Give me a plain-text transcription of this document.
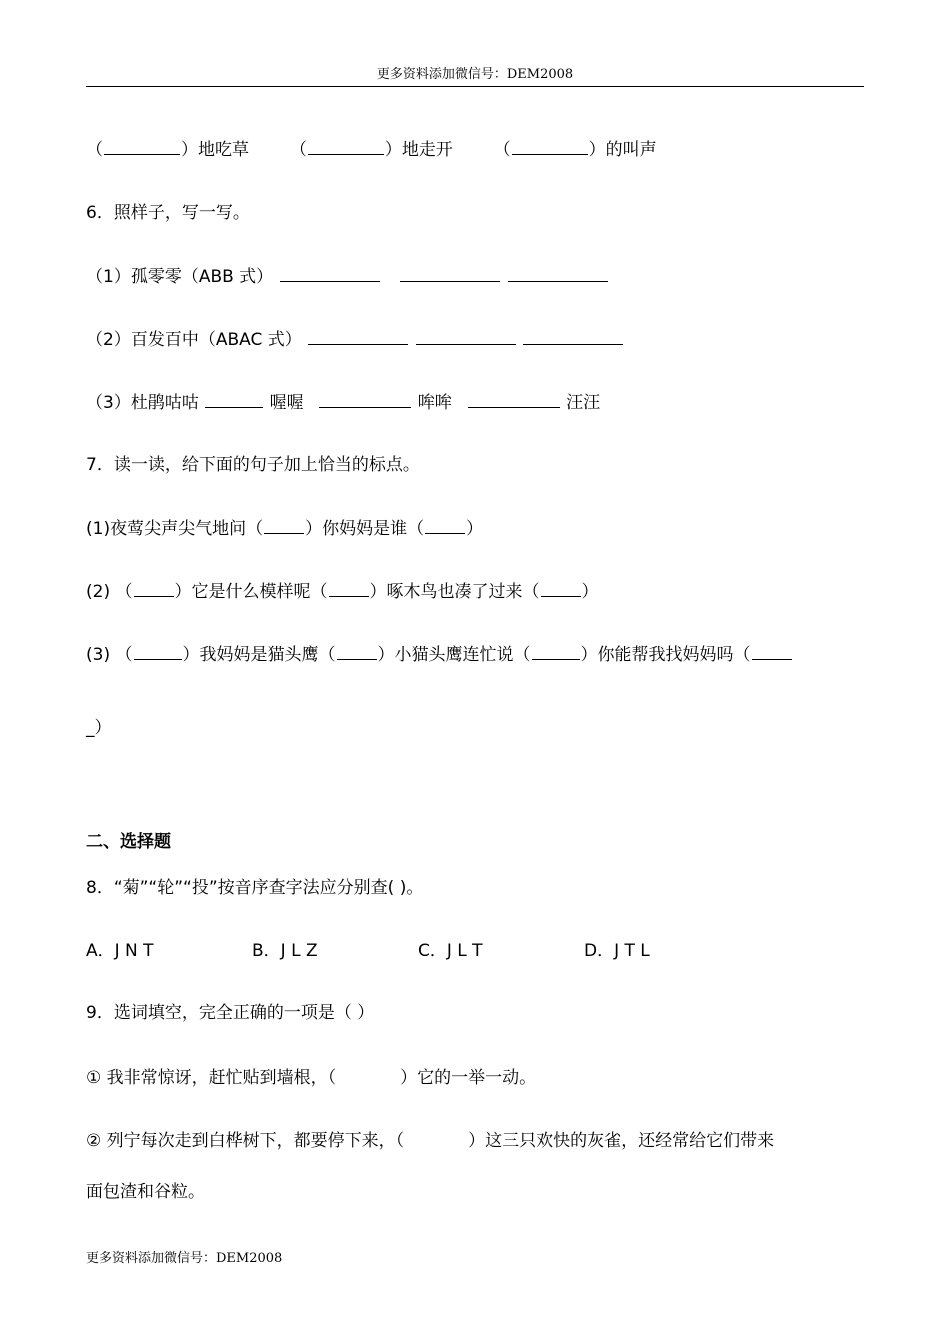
更多资料添加微信号：DEM2008
（	）地吃草 （	）地走开 （	）的叫声
6．照样子，写一写。
（1）孤零零（ABB 式）
（2）百发百中（ABAC 式）
（3）杜鹃咕咕	喔喔	哞哞	汪汪
7．读一读，给下面的句子加上恰当的标点。
(1)夜莺尖声尖气地问（ ）你妈妈是谁（ ）
(2) （ ）它是什么模样呢（ ）啄木鸟也凑了过来（ ）
(3) （	）我妈妈是猫头鹰（ ）小猫头鹰连忙说（	）你能帮我找妈妈吗（
_）
二、选择题
8．“菊”“轮”“投”按音序查字法应分别查( )。
A．J N T	B．J L Z	C．J L T	D．J T L
9．选词填空，完全正确的一项是（ ）
① 我非常惊讶，赶忙贴到墙根，（	）它的一举一动。
② 列宁每次走到白桦树下，都要停下来，（	）这三只欢快的灰雀，还经常给它们带来
面包渣和谷粒。
更多资料添加微信号：DEM2008
